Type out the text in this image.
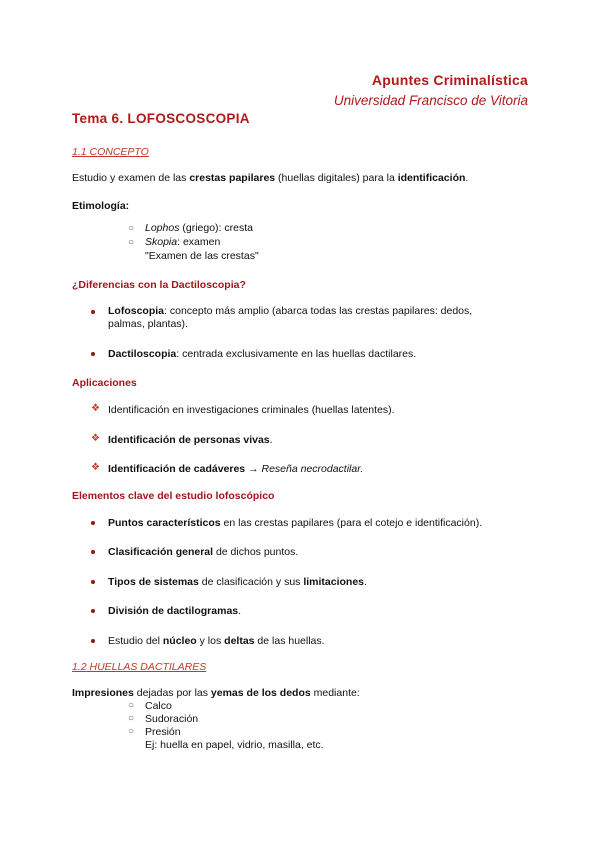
Apuntes Criminalística
Universidad Francisco de Vitoria
Tema 6. LOFOSCOSCOPIA
1.1 CONCEPTO
Estudio y examen de las crestas papilares (huellas digitales) para la identificación.
Etimología:
○ Lophos (griego): cresta
○ Skopia: examen
"Examen de las crestas"
¿Diferencias con la Dactiloscopia?
Lofoscopia: concepto más amplio (abarca todas las crestas papilares: dedos, palmas, plantas).
Dactiloscopia: centrada exclusivamente en las huellas dactilares.
Aplicaciones
❖ Identificación en investigaciones criminales (huellas latentes).
❖ Identificación de personas vivas.
❖ Identificación de cadáveres → Reseña necrodactilar.
Elementos clave del estudio lofoscópico
Puntos característicos en las crestas papilares (para el cotejo e identificación).
Clasificación general de dichos puntos.
Tipos de sistemas de clasificación y sus limitaciones.
División de dactilogramas.
Estudio del núcleo y los deltas de las huellas.
1.2 HUELLAS DACTILARES
Impresiones dejadas por las yemas de los dedos mediante:
○ Calco
○ Sudoración
○ Presión
Ej: huella en papel, vidrio, masilla, etc.
